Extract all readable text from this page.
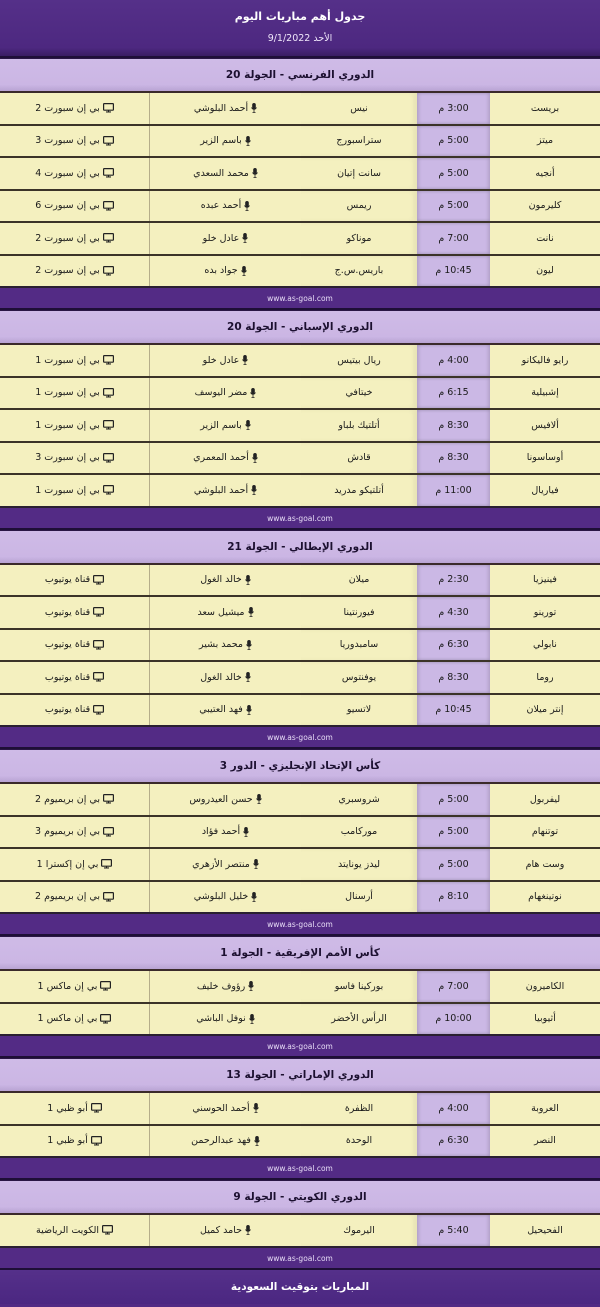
جدول أهم مباريات اليوم
الأحد 9/1/2022
الدوري الفرنسي - الجولة 20
بريست
3:00 م
نيس
أحمد البلوشي
بي إن سبورت 2
ميتز
5:00 م
ستراسبورج
باسم الزير
بي إن سبورت 3
أنجيه
5:00 م
سانت إتيان
محمد السعدي
بي إن سبورت 4
كليرمون
5:00 م
ريمس
أحمد عبده
بي إن سبورت 6
نانت
7:00 م
موناكو
عادل خلو
بي إن سبورت 2
ليون
10:45 م
باريس.س.ج
جواد بده
بي إن سبورت 2
www.as-goal.com
الدوري الإسباني - الجولة 20
رايو فاليكانو
4:00 م
ريال بيتيس
عادل خلو
بي إن سبورت 1
إشبيلية
6:15 م
خيتافي
مضر اليوسف
بي إن سبورت 1
ألافيس
8:30 م
أتلتيك بلباو
باسم الزير
بي إن سبورت 1
أوساسونا
8:30 م
قادش
أحمد المعمري
بي إن سبورت 3
فياريال
11:00 م
أتلتيكو مدريد
أحمد البلوشي
بي إن سبورت 1
www.as-goal.com
الدوري الإيطالي - الجولة 21
فينيزيا
2:30 م
ميلان
خالد الغول
قناة يوتيوب
تورينو
4:30 م
فيورنتينا
ميشيل سعد
قناة يوتيوب
نابولي
6:30 م
سامبدوريا
محمد بشير
قناة يوتيوب
روما
8:30 م
يوفنتوس
خالد الغول
قناة يوتيوب
إنتر ميلان
10:45 م
لاتسيو
فهد العتيبي
قناة يوتيوب
www.as-goal.com
كأس الإتحاد الإنجليزي - الدور 3
ليفربول
5:00 م
شروسبري
حسن العيدروس
بي إن بريميوم 2
توتنهام
5:00 م
موركامب
أحمد فؤاد
بي إن بريميوم 3
وست هام
5:00 م
ليدز يونايتد
منتصر الأزهري
بي إن إكسترا 1
نوتينغهام
8:10 م
أرسنال
خليل البلوشي
بي إن بريميوم 2
www.as-goal.com
كأس الأمم الإفريقية - الجولة 1
الكاميرون
7:00 م
بوركينا فاسو
رؤوف خليف
بي إن ماكس 1
أثيوبيا
10:00 م
الرأس الأخضر
نوفل الباشي
بي إن ماكس 1
www.as-goal.com
الدوري الإماراتي - الجولة 13
العروبة
4:00 م
الظفرة
أحمد الحوسني
أبو ظبي 1
النصر
6:30 م
الوحدة
فهد عبدالرحمن
أبو ظبي 1
www.as-goal.com
الدوري الكويتي - الجولة 9
الفحيحيل
5:40 م
اليرموك
حامد كميل
الكويت الرياضية
www.as-goal.com
المباريات بتوقيت السعودية
